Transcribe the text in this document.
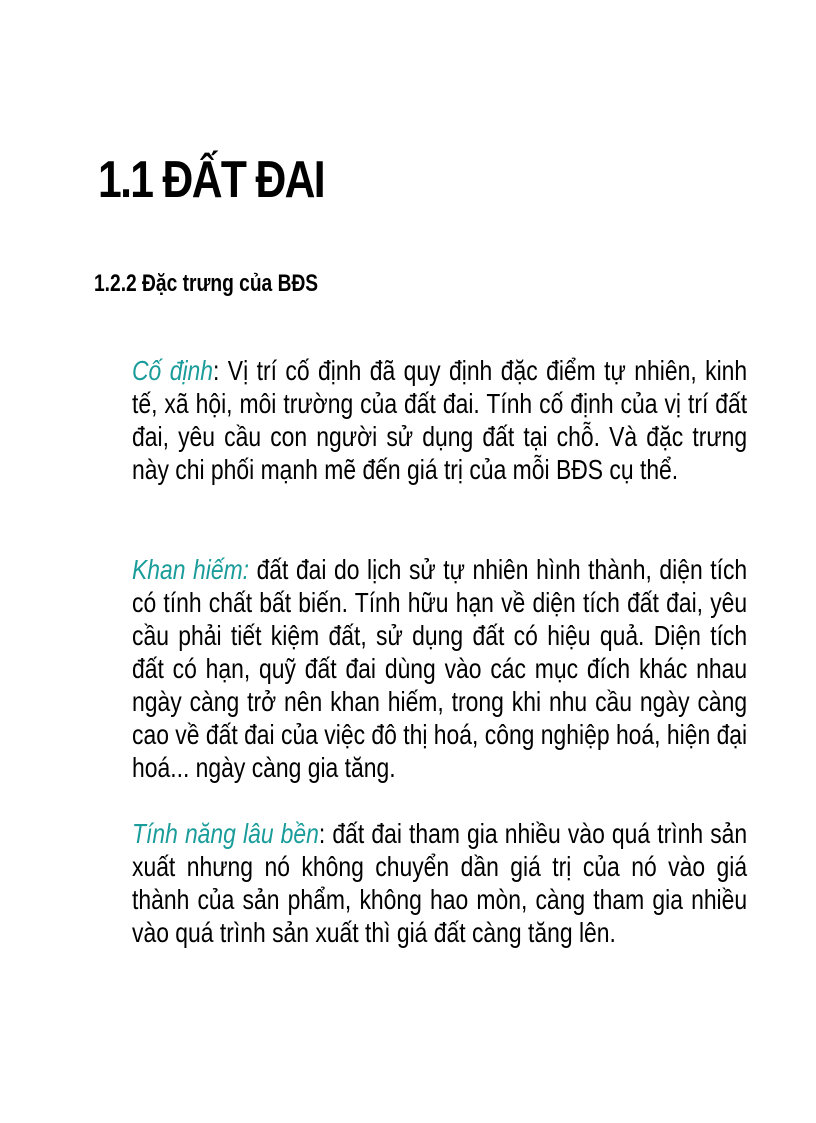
1.1 ĐẤT ĐAI
1.2.2 Đặc trưng của BĐS

Cố định: Vị trí cố định đã quy định đặc điểm tự nhiên, kinh tế, xã hội, môi trường của đất đai. Tính cố định của vị trí đất đai, yêu cầu con người sử dụng đất tại chỗ. Và đặc trưng này chi phối mạnh mẽ đến giá trị của mỗi BĐS cụ thể.

Khan hiếm: đất đai do lịch sử tự nhiên hình thành, diện tích có tính chất bất biến. Tính hữu hạn về diện tích đất đai, yêu cầu phải tiết kiệm đất, sử dụng đất có hiệu quả. Diện tích đất có hạn, quỹ đất đai dùng vào các mục đích khác nhau ngày càng trở nên khan hiếm, trong khi nhu cầu ngày càng cao về đất đai của việc đô thị hoá, công nghiệp hoá, hiện đại hoá... ngày càng gia tăng.

Tính năng lâu bền: đất đai tham gia nhiều vào quá trình sản xuất nhưng nó không chuyển dần giá trị của nó vào giá thành của sản phẩm, không hao mòn, càng tham gia nhiều vào quá trình sản xuất thì giá đất càng tăng lên.
